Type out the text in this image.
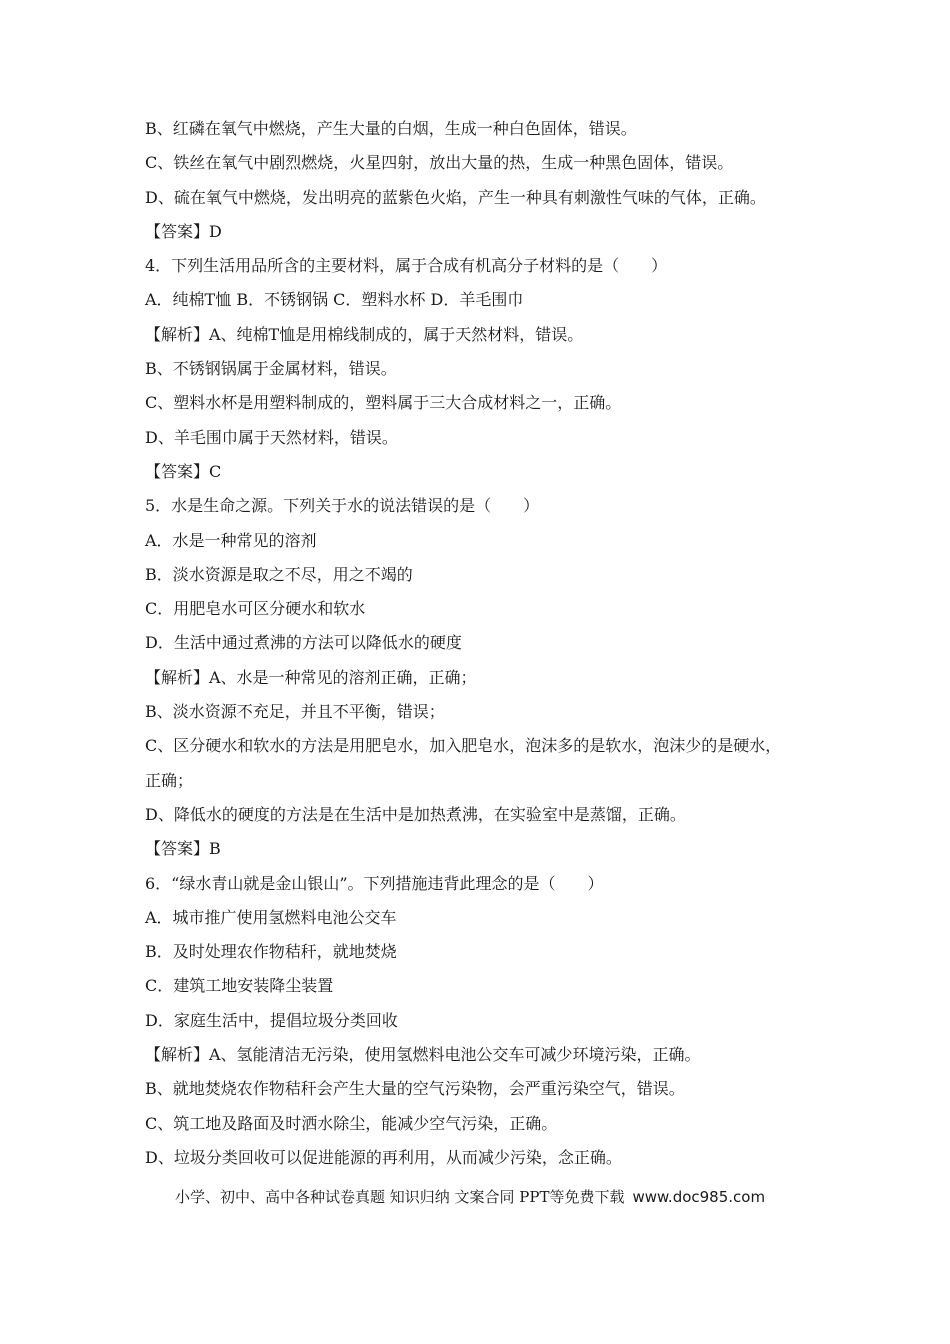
B、红磷在氧气中燃烧，产生大量的白烟，生成一种白色固体，错误。
C、铁丝在氧气中剧烈燃烧，火星四射，放出大量的热，生成一种黑色固体，错误。
D、硫在氧气中燃烧，发出明亮的蓝紫色火焰，产生一种具有刺激性气味的气体，正确。
【答案】D
4．下列生活用品所含的主要材料，属于合成有机高分子材料的是（　　）
A．纯棉T恤 B．不锈钢锅 C．塑料水杯 D．羊毛围巾
【解析】A、纯棉T恤是用棉线制成的，属于天然材料，错误。
B、不锈钢锅属于金属材料，错误。
C、塑料水杯是用塑料制成的，塑料属于三大合成材料之一，正确。
D、羊毛围巾属于天然材料，错误。
【答案】C
5．水是生命之源。下列关于水的说法错误的是（　　）
A．水是一种常见的溶剂
B．淡水资源是取之不尽，用之不竭的
C．用肥皂水可区分硬水和软水
D．生活中通过煮沸的方法可以降低水的硬度
【解析】A、水是一种常见的溶剂正确，正确；
B、淡水资源不充足，并且不平衡，错误；
C、区分硬水和软水的方法是用肥皂水，加入肥皂水，泡沫多的是软水，泡沫少的是硬水，
正确；
D、降低水的硬度的方法是在生活中是加热煮沸，在实验室中是蒸馏，正确。
【答案】B
6．“绿水青山就是金山银山”。下列措施违背此理念的是（　　）
A．城市推广使用氢燃料电池公交车
B．及时处理农作物秸秆，就地焚烧
C．建筑工地安装降尘装置
D．家庭生活中，提倡垃圾分类回收
【解析】A、氢能清洁无污染，使用氢燃料电池公交车可减少环境污染，正确。
B、就地焚烧农作物秸秆会产生大量的空气污染物，会严重污染空气，错误。
C、筑工地及路面及时洒水除尘，能减少空气污染，正确。
D、垃圾分类回收可以促进能源的再利用，从而减少污染，念正确。
小学、初中、高中各种试卷真题 知识归纳 文案合同 PPT等免费下载 www.doc985.com
